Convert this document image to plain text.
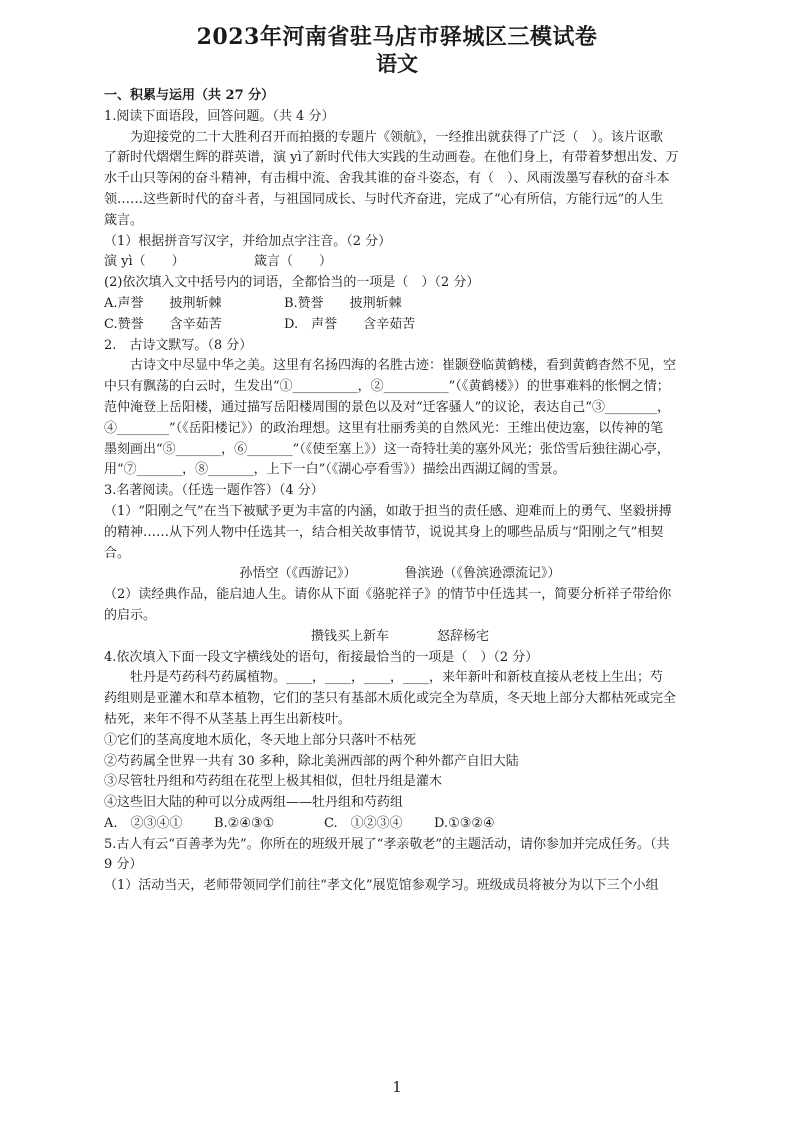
2023年河南省驻马店市驿城区三模试卷
语文
一、积累与运用（共 27 分）
1.阅读下面语段，回答问题。（共 4 分）
为迎接党的二十大胜利召开而拍摄的专题片《领航》，一经推出就获得了广泛（　）。该片讴歌
了新时代熠熠生辉的群英谱，演 yì了新时代伟大实践的生动画卷。在他们身上，有带着梦想出发、万
水千山只等闲的奋斗精神，有击楫中流、舍我其谁的奋斗姿态，有（　）、风雨泼墨写春秋的奋斗本
领……这些新时代的奋斗者，与祖国同成长、与时代齐奋进，完成了“心有所信，方能行远”的人生
箴言。
（1）根据拼音写汉字，并给加点字注音。（2 分）
演 yì（　　）	箴言（　　）
(2)依次填入文中括号内的词语，全都恰当的一项是（　）（2 分）
A.声誉　　披荆斩棘	B.赞誉　　披荆斩棘
C.赞誉　　含辛茹苦	D.　声誉　　含辛茹苦
2.　古诗文默写。（8 分）
古诗文中尽显中华之美。这里有名扬四海的名胜古迹：崔颢登临黄鹤楼，看到黄鹤杳然不见，空
中只有飘荡的白云时，生发出“①__________，②__________”（《黄鹤楼》）的世事难料的怅惘之情；
范仲淹登上岳阳楼，通过描写岳阳楼周围的景色以及对“迁客骚人”的议论，表达自己“③________，
④________”（《岳阳楼记》）的政治理想。这里有壮丽秀美的自然风光：王维出使边塞，以传神的笔
墨刻画出“⑤_______，⑥_______”（《使至塞上》）这一奇特壮美的塞外风光；张岱雪后独往湖心亭，
用“⑦_______，⑧_______，上下一白”（《湖心亭看雪》）描绘出西湖辽阔的雪景。
3.名著阅读。（任选一题作答）（4 分）
（1）“阳刚之气”在当下被赋予更为丰富的内涵，如敢于担当的责任感、迎难而上的勇气、坚毅拼搏
的精神……从下列人物中任选其一，结合相关故事情节，说说其身上的哪些品质与“阳刚之气”相契
合。
孙悟空（《西游记》）	鲁滨逊（《鲁滨逊漂流记》）
（2）读经典作品，能启迪人生。请你从下面《骆驼祥子》的情节中任选其一，简要分析祥子带给你
的启示。
攒钱买上新车	怒辞杨宅
4.依次填入下面一段文字横线处的语句，衔接最恰当的一项是（　）（2 分）
牡丹是芍药科芍药属植物。____，____，____，____，来年新叶和新枝直接从老枝上生出；芍
药组则是亚灌木和草本植物，它们的茎只有基部木质化或完全为草质，冬天地上部分大都枯死或完全
枯死，来年不得不从茎基上再生出新枝叶。
①它们的茎高度地木质化，冬天地上部分只落叶不枯死
②芍药属全世界一共有 30 多种，除北美洲西部的两个种外都产自旧大陆
③尽管牡丹组和芍药组在花型上极其相似，但牡丹组是灌木
④这些旧大陆的种可以分成两组——牡丹组和芍药组
A.　②③④①	B.②④③①	C.　①②③④	D.①③②④
5.古人有云“百善孝为先”。你所在的班级开展了“孝亲敬老”的主题活动，请你参加并完成任务。（共
9 分）
（1）活动当天，老师带领同学们前往“孝文化”展览馆参观学习。班级成员将被分为以下三个小组
1
